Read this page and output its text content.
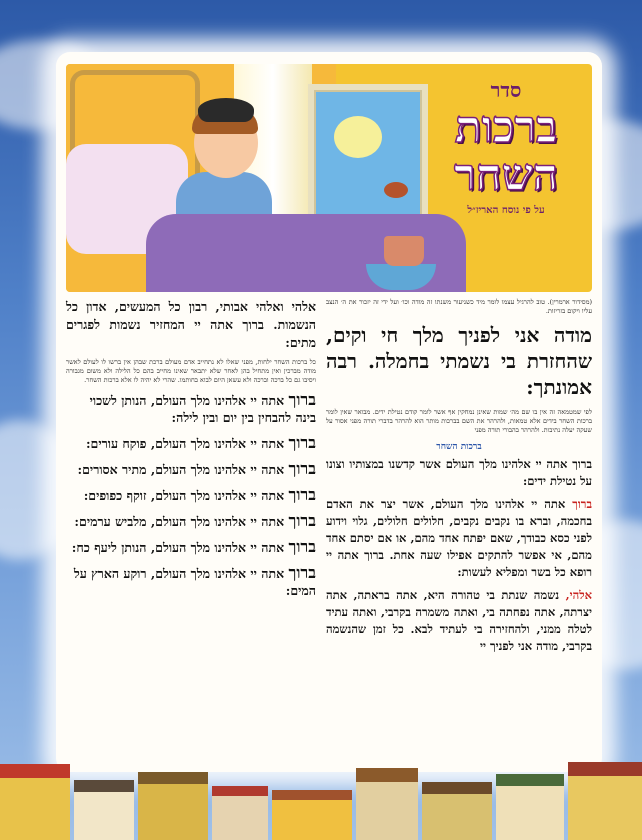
סדר
ברכות
השחר
על פי נוסח האריז״ל

(מסידור ארמרין). טוב להרגיל עצמו לומר מיד כשניעור משנתו זה מודה וכו׳ ועל ידי זה יזכור את ה׳ הנצב עליו ויקום בזריזות.

מודה אני לפניך מלך חי וקים, שהחזרת בי נשמתי בחמלה. רבה אמונתך:

לפי שמטמאה זה אין בו שם מה׳ שמות שאינן נמחקין אף אשר לומר קודם נטילת ידים. מבואר שאין לומר ברכות השחר בידים אלא טמאות, ולהרהר את השם בברכות מותר הוא להרהר בדברי תורה מפני אסור על שעקה יעלה נתיבות. ולהרהר בהבורי תורה מפני

ברכות השחר

ברוך אתה יי אלהינו מלך העולם אשר קדשנו במצותיו וצונו על נטילת ידים:

ברוך אתה יי אלהינו מלך העולם, אשר יצר את האדם בחכמה, וברא בו נקבים נקבים, חלולים חלולים, גלוי וידוע לפני כסא כבודך, שאם יפתח אחד מהם, או אם יסתם אחד מהם, אי אפשר להתקים אפילו שעה אחת. ברוך אתה יי רופא כל בשר ומפליא לעשות:

אלהי, נשמה שנתת בי טהורה היא, אתה בראתה, אתה יצרתה, אתה נפחתה בי, ואתה משמרה בקרבי, ואתה עתיד לטלה ממני, ולהחזירה בי לעתיד לבא. כל זמן שהנשמה בקרבי, מודה אני לפניך יי

אלהי ואלהי אבותי, רבון כל המעשים, אדון כל הנשמות. ברוך אתה יי המחזיר נשמות לפגרים מתים:

כל ברכות השחר ילחות, מפני שאלו לא נתחייב אדם מעולם ברכת שבהן אין ברשו לו לעולם לאשר מודה מברכין ואין מתחיל בהן לאחר שלא יתבאר שאינו מחייב בהם כל הלילה ולא משום מגבורה ויסיבו גם כל ברכה וברכה ולא עשאן היום לבוא בחותמו. שהרי לא יהיה לו אלא ברכות השחר.

ברוך אתה יי אלהינו מלך העולם, הנותן לשכוי בינה להבחין בין יום ובין לילה:

ברוך אתה יי אלהינו מלך העולם, פוקח עורים:

ברוך אתה יי אלהינו מלך העולם, מתיר אסורים:

ברוך אתה יי אלהינו מלך העולם, זוקף כפופים:

ברוך אתה יי אלהינו מלך העולם, מלביש ערמים:

ברוך אתה יי אלהינו מלך העולם, הנותן ליעף כח:

ברוך אתה יי אלהינו מלך העולם, רוקע הארץ על המים:
